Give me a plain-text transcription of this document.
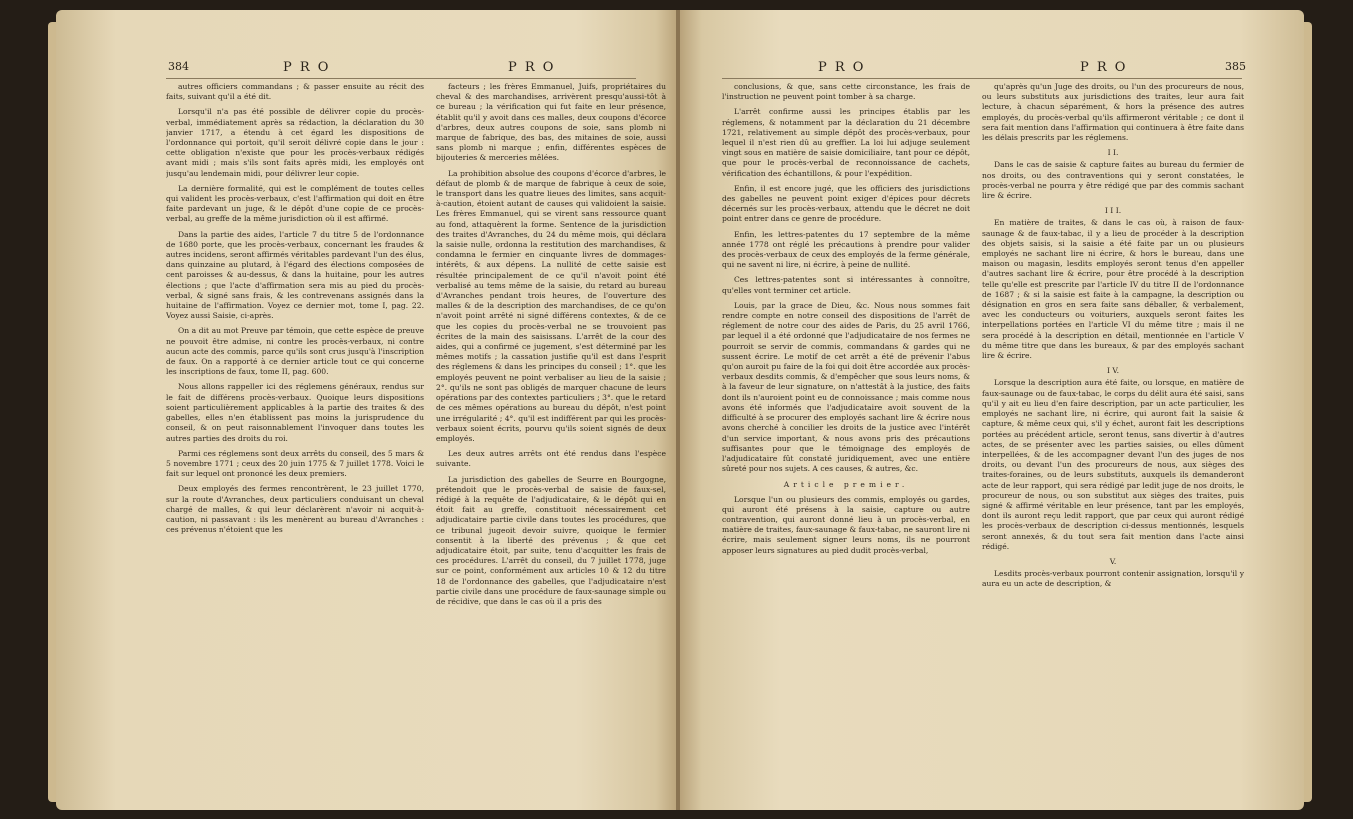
384	P R O	P R O

autres officiers commandans ; & passer ensuite au récit des faits, suivant qu'il a été dit.

Lorsqu'il n'a pas été possible de délivrer copie du procès-verbal, immédiatement après sa rédaction, la déclaration du 30 janvier 1717, a étendu à cet égard les dispositions de l'ordonnance qui portoit, qu'il seroit délivré copie dans le jour : cette obligation n'existe que pour les procès-verbaux rédigés avant midi ; mais s'ils sont faits après midi, les employés ont jusqu'au lendemain midi, pour délivrer leur copie.

La dernière formalité, qui est le complément de toutes celles qui valident les procès-verbaux, c'est l'affirmation qui doit en être faite pardevant un juge, & le dépôt d'une copie de ce procès-verbal, au greffe de la même jurisdiction où il est affirmé.

Dans la partie des aides, l'article 7 du titre 5 de l'ordonnance de 1680 porte, que les procès-verbaux, concernant les fraudes & autres incidens, seront affirmés véritables pardevant l'un des élus, dans quinzaine au plutard, à l'égard des élections composées de cent paroisses & au-dessus, & dans la huitaine, pour les autres élections ; que l'acte d'affirmation sera mis au pied du procès-verbal, & signé sans frais, & les contrevenans assignés dans la huitaine de l'affirmation. Voyez ce dernier mot, tome I, pag. 22. Voyez aussi Saisie, ci-après.

On a dit au mot Preuve par témoin, que cette espèce de preuve ne pouvoit être admise, ni contre les procès-verbaux, ni contre aucun acte des commis, parce qu'ils sont crus jusqu'à l'inscription de faux. On a rapporté à ce dernier article tout ce qui concerne les inscriptions de faux, tome II, pag. 600.

Nous allons rappeller ici des réglemens généraux, rendus sur le fait de différens procès-verbaux. Quoique leurs dispositions soient particulièrement applicables à la partie des traites & des gabelles, elles n'en établissent pas moins la jurisprudence du conseil, & on peut raisonnablement l'invoquer dans toutes les autres parties des droits du roi.

Parmi ces réglemens sont deux arrêts du conseil, des 5 mars & 5 novembre 1771 ; ceux des 20 juin 1775 & 7 juillet 1778. Voici le fait sur lequel ont prononcé les deux premiers.

Deux employés des fermes rencontrèrent, le 23 juillet 1770, sur la route d'Avranches, deux particuliers conduisant un cheval chargé de malles, & qui leur déclarèrent n'avoir ni acquit-à-caution, ni passavant : ils les menèrent au bureau d'Avranches : ces prévenus n'étoient que les

facteurs ; les frères Emmanuel, Juifs, propriétaires du cheval & des marchandises, arrivèrent presqu'aussi-tôt à ce bureau ; la vérification qui fut faite en leur présence, établit qu'il y avoit dans ces malles, deux coupons d'écorce d'arbres, deux autres coupons de soie, sans plomb ni marque de fabrique, des bas, des mitaines de soie, aussi sans plomb ni marque ; enfin, différentes espèces de bijouteries & merceries mêlées.

La prohibition absolue des coupons d'écorce d'arbres, le défaut de plomb & de marque de fabrique à ceux de soie, le transport dans les quatre lieues des limites, sans acquit-à-caution, étoient autant de causes qui validoient la saisie. Les frères Emmanuel, qui se virent sans ressource quant au fond, attaquèrent la forme. Sentence de la jurisdiction des traites d'Avranches, du 24 du même mois, qui déclara la saisie nulle, ordonna la restitution des marchandises, & condamna le fermier en cinquante livres de dommages-intérêts, & aux dépens. La nullité de cette saisie est résultée principalement de ce qu'il n'avoit point été verbalisé au tems même de la saisie, du retard au bureau d'Avranches pendant trois heures, de l'ouverture des malles & de la description des marchandises, de ce qu'on n'avoit point arrêté ni signé différens contextes, & de ce que les copies du procès-verbal ne se trouvoient pas écrites de la main des saisissans. L'arrêt de la cour des aides, qui a confirmé ce jugement, s'est déterminé par les mêmes motifs ; la cassation justifie qu'il est dans l'esprit des réglemens & dans les principes du conseil ; 1°. que les employés peuvent ne point verbaliser au lieu de la saisie ; 2°. qu'ils ne sont pas obligés de marquer chacune de leurs opérations par des contextes particuliers ; 3°. que le retard de ces mêmes opérations au bureau du dépôt, n'est point une irrégularité ; 4°. qu'il est indifférent par qui les procès-verbaux soient écrits, pourvu qu'ils soient signés de deux employés.

Les deux autres arrêts ont été rendus dans l'espèce suivante.

La jurisdiction des gabelles de Seurre en Bourgogne, prétendoit que le procès-verbal de saisie de faux-sel, rédigé à la requête de l'adjudicataire, & le dépôt qui en étoit fait au greffe, constituoit nécessairement cet adjudicataire partie civile dans toutes les procédures, que ce tribunal jugeoit devoir suivre, quoique le fermier consentit à la liberté des prévenus ; & que cet adjudicataire étoit, par suite, tenu d'acquitter les frais de ces procédures. L'arrêt du conseil, du 7 juillet 1778, juge sur ce point, conformément aux articles 10 & 12 du titre 18 de l'ordonnance des gabelles, que l'adjudicataire n'est partie civile dans une procédure de faux-saunage simple ou de récidive, que dans le cas où il a pris des

P R O	P R O	385

conclusions, & que, sans cette circonstance, les frais de l'instruction ne peuvent point tomber à sa charge.

L'arrêt confirme aussi les principes établis par les réglemens, & notamment par la déclaration du 21 décembre 1721, relativement au simple dépôt des procès-verbaux, pour lequel il n'est rien dû au greffier. La loi lui adjuge seulement vingt sous en matière de saisie domiciliaire, tant pour ce dépôt, que pour le procès-verbal de reconnoissance de cachets, vérification des échantillons, & pour l'expédition.

Enfin, il est encore jugé, que les officiers des jurisdictions des gabelles ne peuvent point exiger d'épices pour décrets décernés sur les procès-verbaux, attendu que le décret ne doit point entrer dans ce genre de procédure.

Enfin, les lettres-patentes du 17 septembre de la même année 1778 ont réglé les précautions à prendre pour valider des procès-verbaux de ceux des employés de la ferme générale, qui ne savent ni lire, ni écrire, à peine de nullité.

Ces lettres-patentes sont si intéressantes à connoître, qu'elles vont terminer cet article.

Louis, par la grace de Dieu, &c. Nous nous sommes fait rendre compte en notre conseil des dispositions de l'arrêt de réglement de notre cour des aides de Paris, du 25 avril 1766, par lequel il a été ordonné que l'adjudicataire de nos fermes ne pourroit se servir de commis, commandans & gardes qui ne sussent écrire. Le motif de cet arrêt a été de prévenir l'abus qu'on auroit pu faire de la foi qui doit être accordée aux procès-verbaux desdits commis, & d'empêcher que sous leurs noms, & à la faveur de leur signature, on n'attestât à la justice, des faits dont ils n'auroient point eu de connoissance ; mais comme nous avons été informés que l'adjudicataire avoit souvent de la difficulté à se procurer des employés sachant lire & écrire nous avons cherché à concilier les droits de la justice avec l'intérêt d'un service important, & nous avons pris des précautions suffisantes pour que le témoignage des employés de l'adjudicataire fût constaté juridiquement, avec une entière sûreté pour nos sujets. A ces causes, & autres, &c.

Article premier.

Lorsque l'un ou plusieurs des commis, employés ou gardes, qui auront été présens à la saisie, capture ou autre contravention, qui auront donné lieu à un procès-verbal, en matière de traites, faux-saunage & faux-tabac, ne sauront lire ni écrire, mais seulement signer leurs noms, ils ne pourront apposer leurs signatures au pied dudit procès-verbal,

qu'après qu'un Juge des droits, ou l'un des procureurs de nous, ou leurs substituts aux jurisdictions des traites, leur aura fait lecture, à chacun séparément, & hors la présence des autres employés, du procès-verbal qu'ils affirmeront véritable ; ce dont il sera fait mention dans l'affirmation qui continuera à être faite dans les délais prescrits par les réglemens.

I I.

Dans le cas de saisie & capture faites au bureau du fermier de nos droits, ou des contraventions qui y seront constatées, le procès-verbal ne pourra y être rédigé que par des commis sachant lire & écrire.

I I I.

En matière de traites, & dans le cas où, à raison de faux-saunage & de faux-tabac, il y a lieu de procéder à la description des objets saisis, si la saisie a été faite par un ou plusieurs employés ne sachant lire ni écrire, & hors le bureau, dans une maison ou magasin, lesdits employés seront tenus d'en appeller d'autres sachant lire & écrire, pour être procédé à la description telle qu'elle est prescrite par l'article IV du titre II de l'ordonnance de 1687 ; & si la saisie est faite à la campagne, la description ou désignation en gros en sera faite sans déballer, & verbalement, avec les conducteurs ou voituriers, auxquels seront faites les interpellations portées en l'article VI du même titre ; mais il ne sera procédé à la description en détail, mentionnée en l'article V du même titre que dans les bureaux, & par des employés sachant lire & écrire.

I V.

Lorsque la description aura été faite, ou lorsque, en matière de faux-saunage ou de faux-tabac, le corps du délit aura été saisi, sans qu'il y ait eu lieu d'en faire description, par un acte particulier, les employés ne sachant lire, ni écrire, qui auront fait la saisie & capture, & même ceux qui, s'il y échet, auront fait les descriptions portées au précédent article, seront tenus, sans divertir à d'autres actes, de se présenter avec les parties saisies, ou elles dûment interpellées, & de les accompagner devant l'un des juges de nos droits, ou devant l'un des procureurs de nous, aux sièges des traites-foraines, ou de leurs substituts, auxquels ils demanderont acte de leur rapport, qui sera rédigé par ledit juge de nos droits, le procureur de nous, ou son substitut aux sièges des traites, puis signé & affirmé véritable en leur présence, tant par les employés, dont ils auront reçu ledit rapport, que par ceux qui auront rédigé les procès-verbaux de description ci-dessus mentionnés, lesquels seront annexés, & du tout sera fait mention dans l'acte ainsi rédigé.

V.

Lesdits procès-verbaux pourront contenir assignation, lorsqu'il y aura eu un acte de description, &
